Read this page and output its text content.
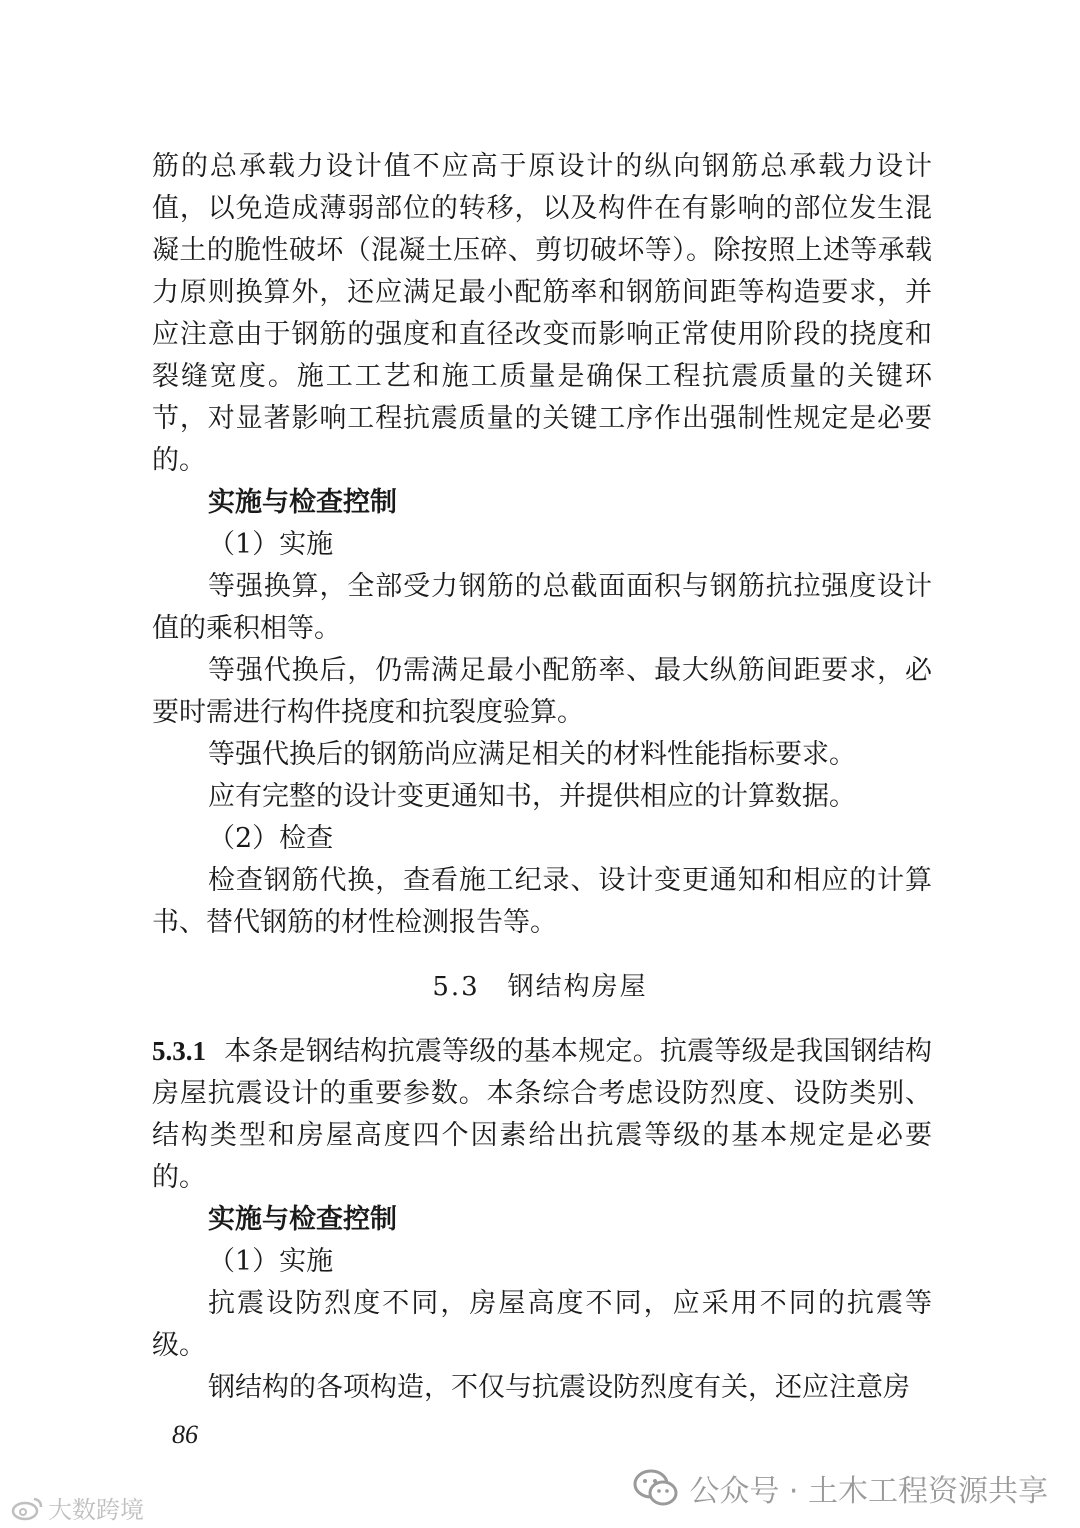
筋的总承载力设计值不应高于原设计的纵向钢筋总承载力设计值，以免造成薄弱部位的转移，以及构件在有影响的部位发生混凝土的脆性破坏（混凝土压碎、剪切破坏等）。除按照上述等承载力原则换算外，还应满足最小配筋率和钢筋间距等构造要求，并应注意由于钢筋的强度和直径改变而影响正常使用阶段的挠度和裂缝宽度。施工工艺和施工质量是确保工程抗震质量的关键环节，对显著影响工程抗震质量的关键工序作出强制性规定是必要的。

实施与检查控制

（1）实施

等强换算，全部受力钢筋的总截面面积与钢筋抗拉强度设计值的乘积相等。

等强代换后，仍需满足最小配筋率、最大纵筋间距要求，必要时需进行构件挠度和抗裂度验算。

等强代换后的钢筋尚应满足相关的材料性能指标要求。

应有完整的设计变更通知书，并提供相应的计算数据。

（2）检查

检查钢筋代换，查看施工纪录、设计变更通知和相应的计算书、替代钢筋的材性检测报告等。

5.3　钢结构房屋

5.3.1 本条是钢结构抗震等级的基本规定。抗震等级是我国钢结构房屋抗震设计的重要参数。本条综合考虑设防烈度、设防类别、结构类型和房屋高度四个因素给出抗震等级的基本规定是必要的。

实施与检查控制

（1）实施

抗震设防烈度不同，房屋高度不同，应采用不同的抗震等级。

钢结构的各项构造，不仅与抗震设防烈度有关，还应注意房

86
公众号 · 土木工程资源共享
大数跨境
